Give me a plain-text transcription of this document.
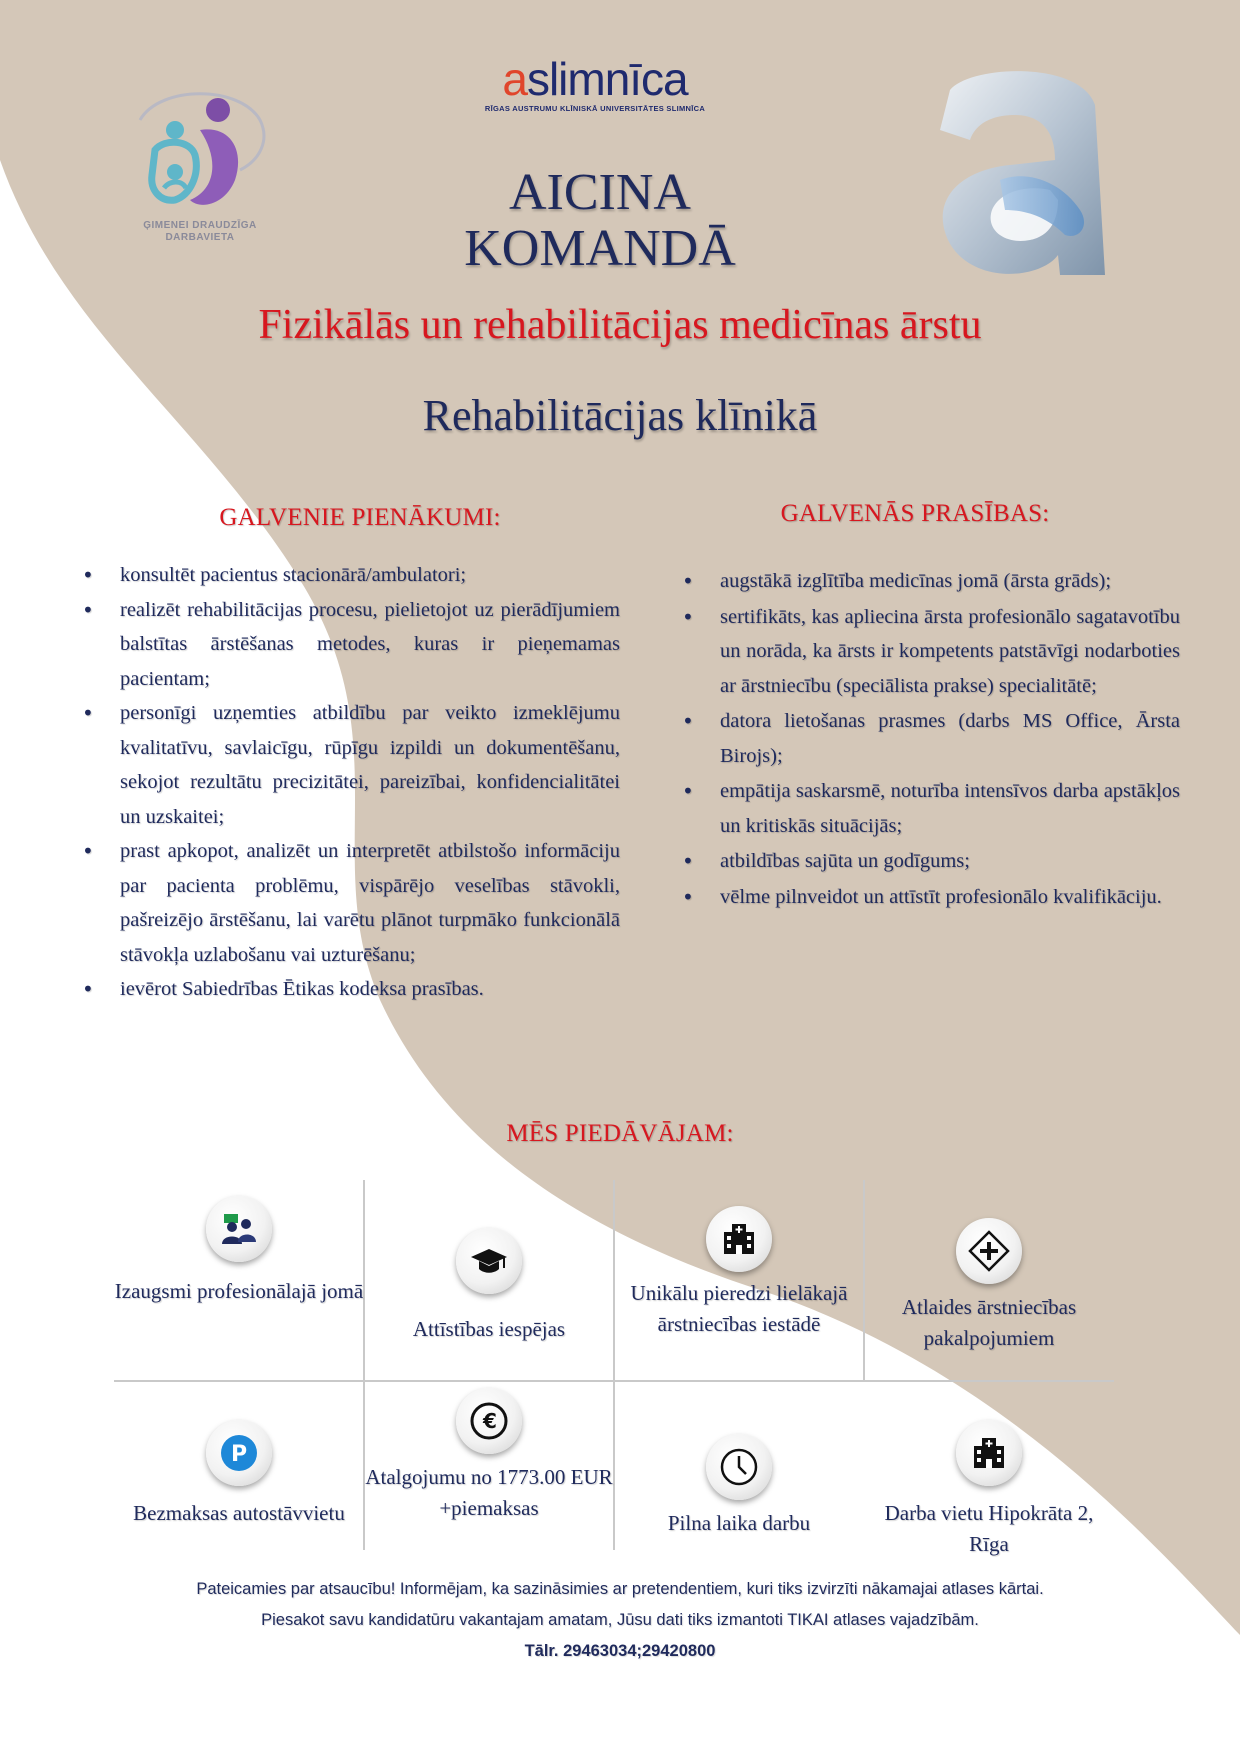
ĢIMENEI DRAUDZĪGA
DARBAVIETA
aslimnīca
RĪGAS AUSTRUMU KLĪNISKĀ UNIVERSITĀTES SLIMNĪCA
AICINA
KOMANDĀ
Fizikālās un rehabilitācijas medicīnas ārstu
Rehabilitācijas klīnikā
GALVENIE PIENĀKUMI:
• konsultēt pacientus stacionārā/ambulatori;
• realizēt rehabilitācijas procesu, pielietojot uz pierādījumiem balstītas ārstēšanas metodes, kuras ir pieņemamas pacientam;
• personīgi uzņemties atbildību par veikto izmeklējumu kvalitatīvu, savlaicīgu, rūpīgu izpildi un dokumentēšanu, sekojot rezultātu precizitātei, pareizībai, konfidencialitātei un uzskaitei;
• prast apkopot, analizēt un interpretēt atbilstošo informāciju par pacienta problēmu, vispārējo veselības stāvokli, pašreizējo ārstēšanu, lai varētu plānot turpmāko funkcionālā stāvokļa uzlabošanu vai uzturēšanu;
• ievērot Sabiedrības Ētikas kodeksa prasības.
GALVENĀS PRASĪBAS:
• augstākā izglītība medicīnas jomā (ārsta grāds);
• sertifikāts, kas apliecina ārsta profesionālo sagatavotību un norāda, ka ārsts ir kompetents patstāvīgi nodarboties ar ārstniecību (speciālista prakse) specialitātē;
• datora lietošanas prasmes (darbs MS Office, Ārsta Birojs);
• empātija saskarsmē, noturība intensīvos darba apstākļos un kritiskās situācijās;
• atbildības sajūta un godīgums;
• vēlme pilnveidot un attīstīt profesionālo kvalifikāciju.
MĒS PIEDĀVĀJAM:
Izaugsmi profesionālajā jomā
Attīstības iespējas
Unikālu pieredzi lielākajā ārstniecības iestādē
Atlaides ārstniecības pakalpojumiem
P
Bezmaksas autostāvvietu
€
Atalgojumu no 1773.00 EUR +piemaksas
Pilna laika darbu	Darba vietu Hipokrāta 2, Rīga
Pateicamies par atsaucību! Informējam, ka sazināsimies ar pretendentiem, kuri tiks izvirzīti nākamajai atlases kārtai.
Piesakot savu kandidatūru vakantajam amatam, Jūsu dati tiks izmantoti TIKAI atlases vajadzībām.
Tālr. 29463034;29420800
